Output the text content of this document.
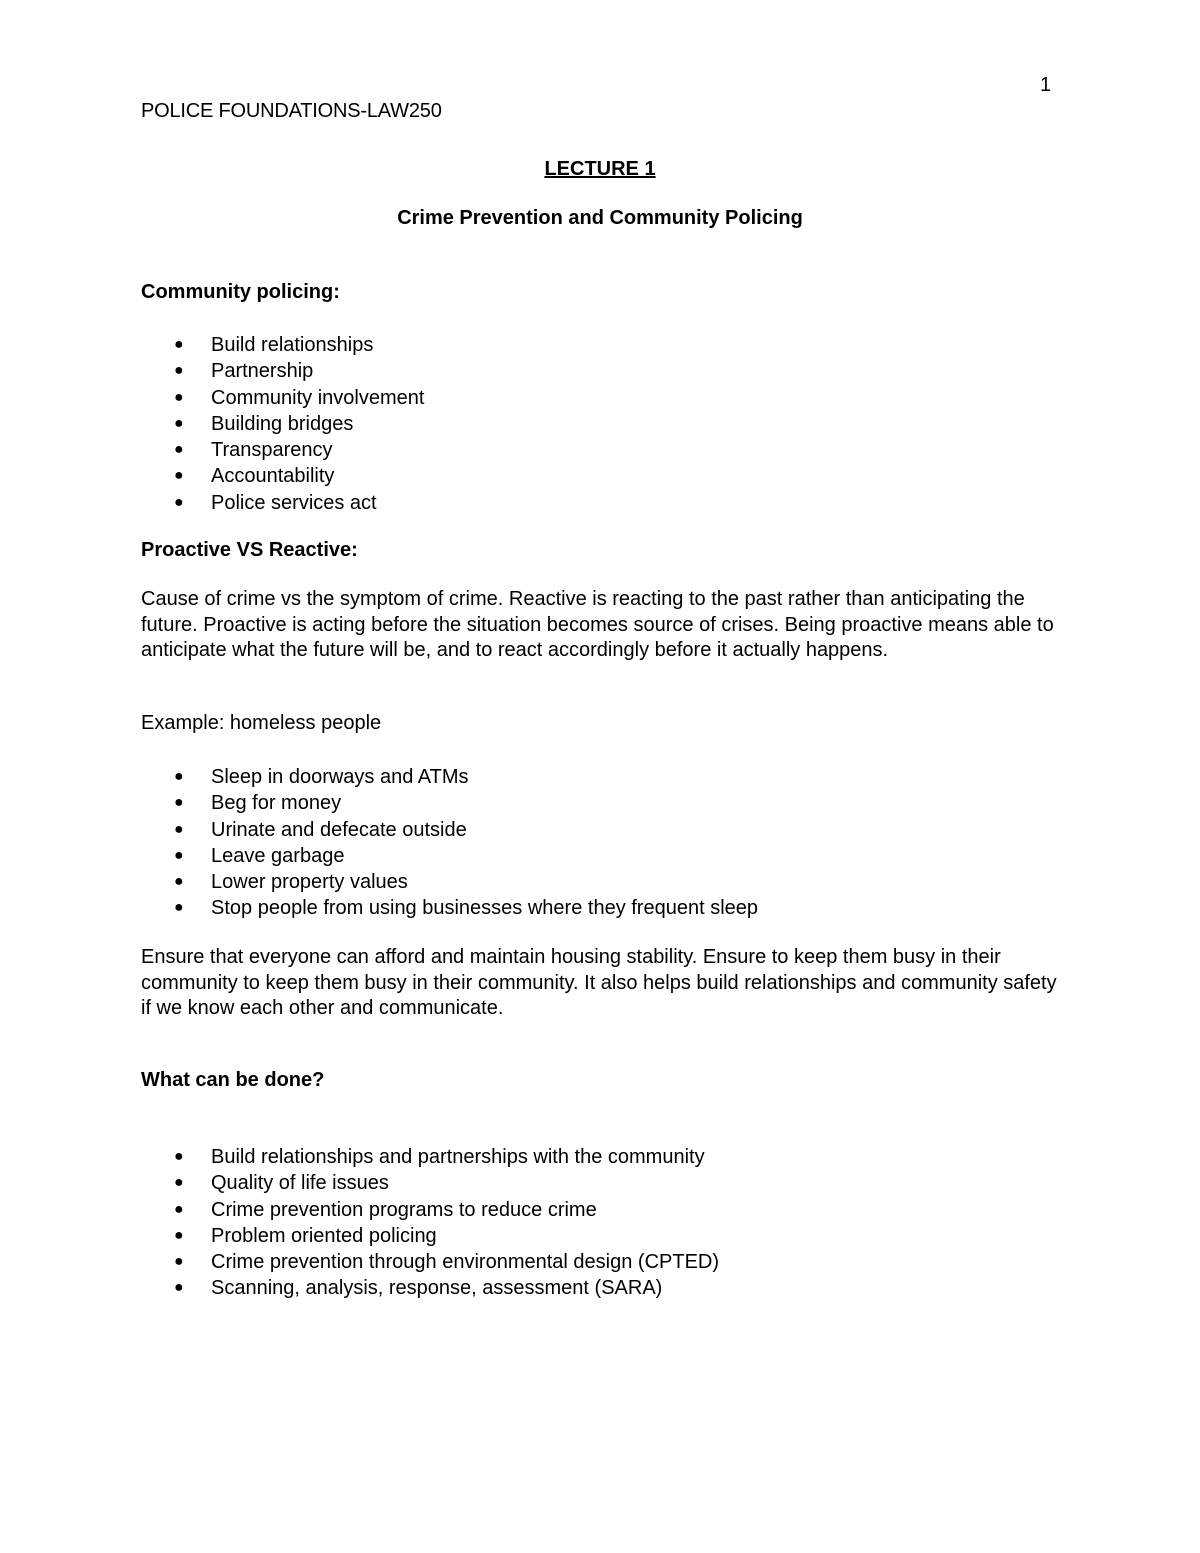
1
POLICE FOUNDATIONS-LAW250
LECTURE 1
Crime Prevention and Community Policing
Community policing:
● Build relationships
● Partnership
● Community involvement
● Building bridges
● Transparency
● Accountability
● Police services act
Proactive VS Reactive:

Cause of crime vs the symptom of crime. Reactive is reacting to the past rather than anticipating the future. Proactive is acting before the situation becomes source of crises. Being proactive means able to anticipate what the future will be, and to react accordingly before it actually happens.

Example: homeless people

● Sleep in doorways and ATMs
● Beg for money
● Urinate and defecate outside
● Leave garbage
● Lower property values
● Stop people from using businesses where they frequent sleep

Ensure that everyone can afford and maintain housing stability. Ensure to keep them busy in their community to keep them busy in their community. It also helps build relationships and community safety if we know each other and communicate.

What can be done?
● Build relationships and partnerships with the community
● Quality of life issues
● Crime prevention programs to reduce crime
● Problem oriented policing
● Crime prevention through environmental design (CPTED)
● Scanning, analysis, response, assessment (SARA)
